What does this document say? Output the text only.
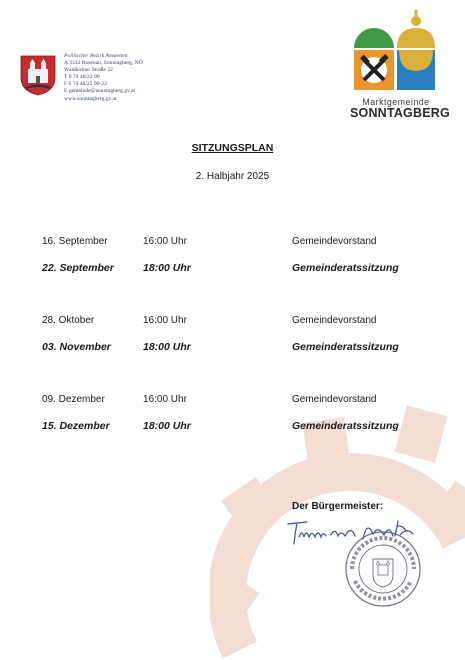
Politischer Bezirk Amstetten
A 3332 Rosenau, Sonntagberg, NÖ
Waidhofner Straße 22
T 0 74 48/22 90
F 0 74 48/22 90-22
E gemeinde@sonntagberg.gv.at
www.sonntagberg.gv.at	Marktgemeinde
SONNTAGBERG
SITZUNGSPLAN
2. Halbjahr 2025
16. September	16:00 Uhr	Gemeindevorstand
22. September	18:00 Uhr	Gemeinderatssitzung
28. Oktober	16:00 Uhr	Gemeindevorstand
03. November	18:00 Uhr	Gemeinderatssitzung
09. Dezember	16:00 Uhr	Gemeindevorstand
15. Dezember	18:00 Uhr	Gemeinderatssitzung
Der Bürgermeister:
